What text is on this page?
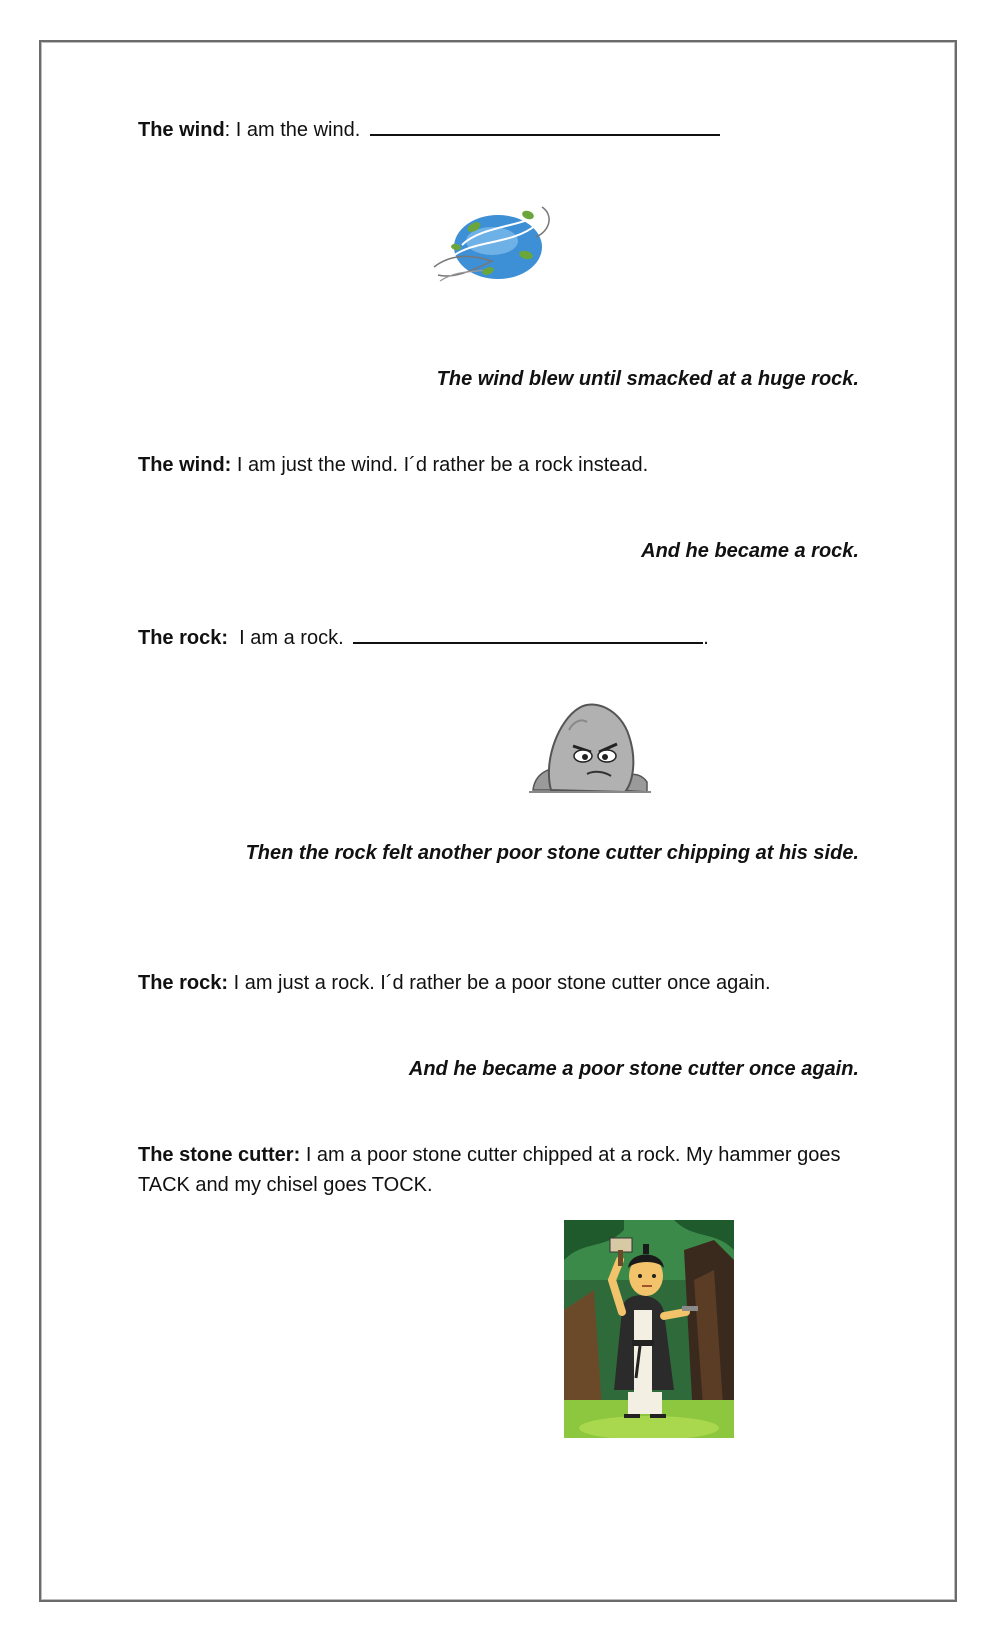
The wind: I am the wind.
The wind blew until smacked at a huge rock.
The wind: I am just the wind. I´d rather be a rock instead.
And he became a rock.
The rock: I am a rock.	.
Then the rock felt another poor stone cutter chipping at his side.
The rock: I am just a rock. I´d rather be a poor stone cutter once again.
And he became a poor stone cutter once again.
The stone cutter: I am a poor stone cutter chipped at a rock. My hammer goes TACK and my chisel goes TOCK.
